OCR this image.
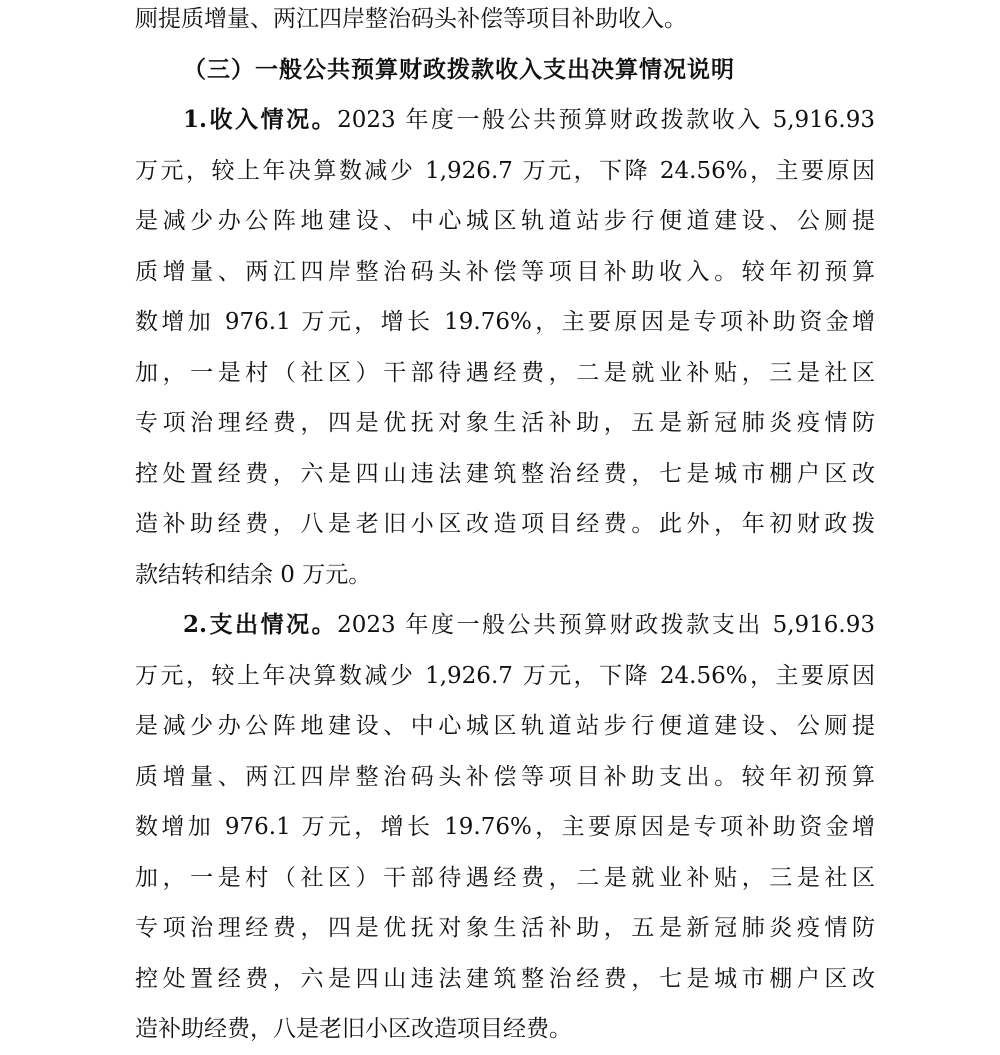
厕提质增量、两江四岸整治码头补偿等项目补助收入。
（三）一般公共预算财政拨款收入支出决算情况说明
1.收入情况。2023 年度一般公共预算财政拨款收入 5,916.93
万元，较上年决算数减少 1,926.7 万元，下降 24.56%，主要原因
是减少办公阵地建设、中心城区轨道站步行便道建设、公厕提
质增量、两江四岸整治码头补偿等项目补助收入。较年初预算
数增加 976.1 万元，增长 19.76%，主要原因是专项补助资金增
加，一是村（社区）干部待遇经费，二是就业补贴，三是社区
专项治理经费，四是优抚对象生活补助，五是新冠肺炎疫情防
控处置经费，六是四山违法建筑整治经费，七是城市棚户区改
造补助经费，八是老旧小区改造项目经费。此外，年初财政拨
款结转和结余 0 万元。
2.支出情况。2023 年度一般公共预算财政拨款支出 5,916.93
万元，较上年决算数减少 1,926.7 万元，下降 24.56%，主要原因
是减少办公阵地建设、中心城区轨道站步行便道建设、公厕提
质增量、两江四岸整治码头补偿等项目补助支出。较年初预算
数增加 976.1 万元，增长 19.76%，主要原因是专项补助资金增
加，一是村（社区）干部待遇经费，二是就业补贴，三是社区
专项治理经费，四是优抚对象生活补助，五是新冠肺炎疫情防
控处置经费，六是四山违法建筑整治经费，七是城市棚户区改
造补助经费，八是老旧小区改造项目经费。
